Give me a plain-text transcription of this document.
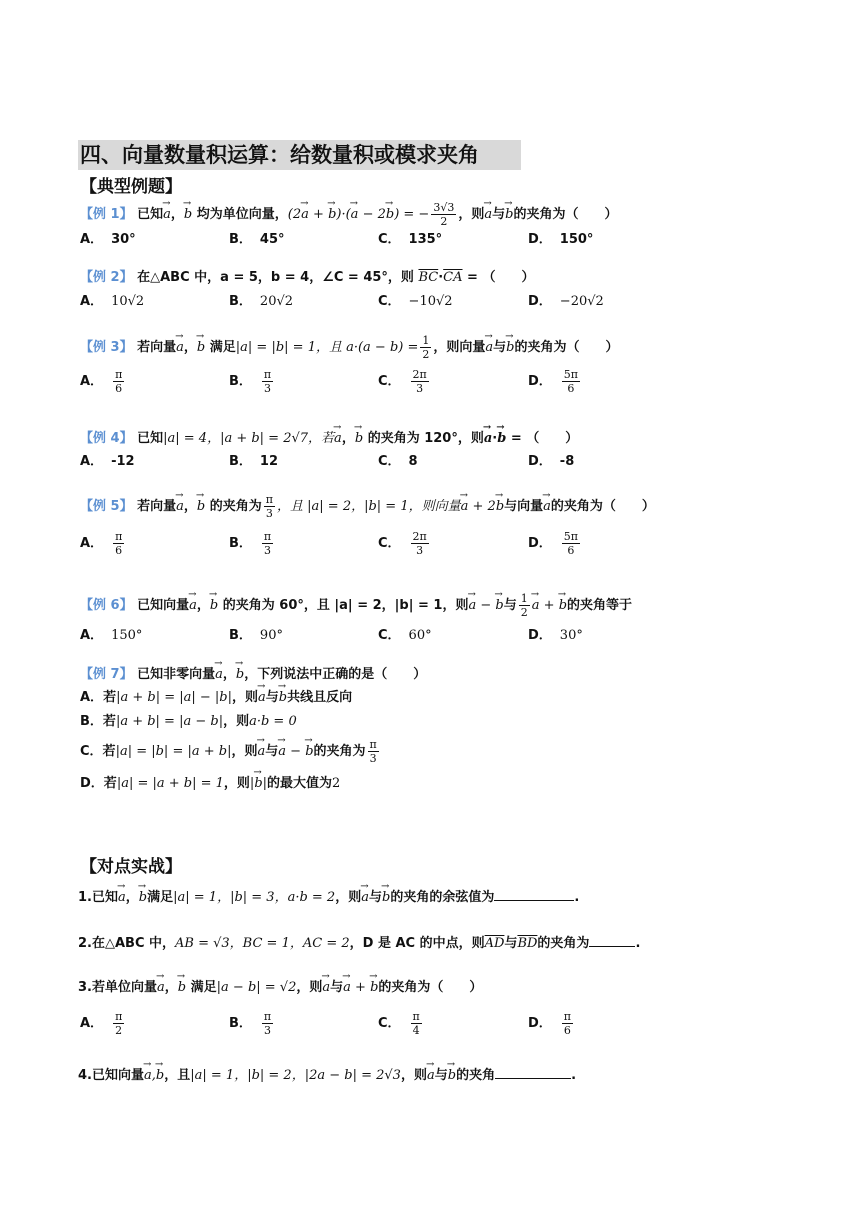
四、向量数量积运算：给数量积或模求夹角
【典型例题】
【例 1】 已知→ a，→ b 均为单位向量，(2→ a + → b)·(→ a − 2→ b) = − $\frac{3√3}{2}$ ，则→ a与→ b的夹角为（　　）
A． 30°	B． 45°	C． 135°	D． 150°
【例 2】 在△ABC 中，a = 5，b = 4，∠C = 45°，则 $\overline{BC}\cdot\overline{CA}$ = （　　）
A． 10√2	B． 20√2	C． −10√2	D． −20√2
【例 3】 若向量→ a，→ b 满足|a| = |b| = 1，且 $a\cdot(a - b) = \frac{1}{2}$ ，则向量→ a与→ b的夹角为（　　）
A． $\frac{\pi}{6}$	B． $\frac{\pi}{3}$	C． $\frac{2\pi}{3}$	D． $\frac{5\pi}{6}$
【例 4】 已知|a| = 4，|a + b| = 2√7，若→ a，→ b 的夹角为 120°，则→ a·→ b = （　　）
A． -12	B． 12	C． 8	D． -8
【例 5】 若向量→ a，→ b 的夹角为 $\frac{\pi}{3}$ ，且 |a| = 2，|b| = 1，则向量→ a + 2→ b与向量→ a的夹角为（　　）
A． $\frac{\pi}{6}$	B． $\frac{\pi}{3}$	C． $\frac{2\pi}{3}$	D． $\frac{5\pi}{6}$
【例 6】 已知向量→ a，→ b 的夹角为 60°，且 |a| = 2，|b| = 1，则→ a − → b与 $\frac{1}{2} \to a$ + → b的夹角等于
A． 150°	B． 90°	C． 60°	D． 30°
【例 7】 已知非零向量→ a，→ b，下列说法中正确的是（　　）
A．若|a + b| = |a| − |b|，则→ a与→ b共线且反向
B．若|a + b| = |a − b|，则a·b = 0
C．若|a| = |b| = |a + b|，则→ a与→ a − → b的夹角为 $\frac{\pi}{3}$
D．若|a| = |a + b| = 1，则|→ b|的最大值为2
【对点实战】
1.已知→ a，→ b满足|a| = 1，|b| = 3，a·b = 2，则→ a与→ b的夹角的余弦值为	.
2.在△ABC 中，AB = √3，BC = 1，AC = 2，D 是 AC 的中点，则$\overline{AD}$与$\overline{BD}$的夹角为	.
3.若单位向量→ a，→ b 满足|a − b| = √2，则→ a与→ a + → b的夹角为（　　）
A． $\frac{\pi}{2}$	B． $\frac{\pi}{3}$	C． $\frac{\pi}{4}$	D． $\frac{\pi}{6}$
4.已知向量→ a,→ b，且|a| = 1，|b| = 2，|2a − b| = 2√3，则→ a与→ b的夹角	.
